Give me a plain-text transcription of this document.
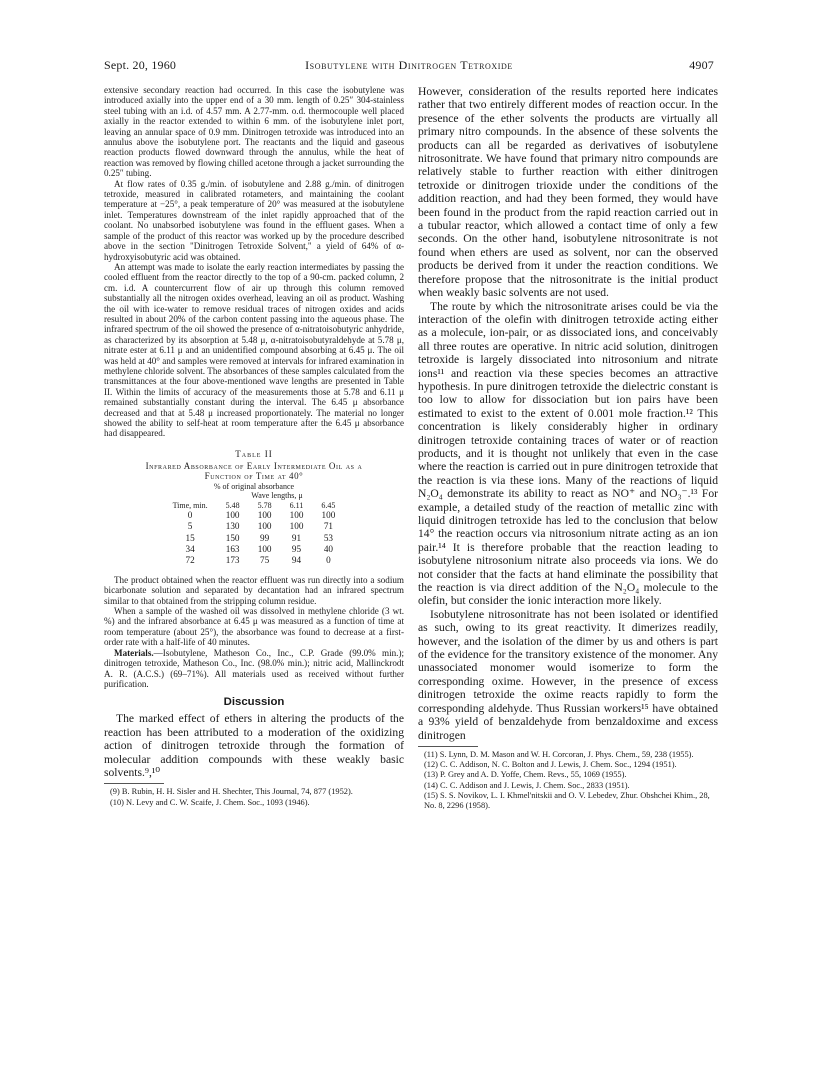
Sept. 20, 1960	Isobutylene with Dinitrogen Tetroxide	4907

extensive secondary reaction had occurred. In this case the isobutylene was introduced axially into the upper end of a 30 mm. length of 0.25″ 304-stainless steel tubing with an i.d. of 4.57 mm. A 2.77-mm. o.d. thermocouple well placed axially in the reactor extended to within 6 mm. of the isobutylene inlet port, leaving an annular space of 0.9 mm. Dinitrogen tetroxide was introduced into an annulus above the isobutylene port. The reactants and the liquid and gaseous reaction products flowed downward through the annulus, while the heat of reaction was removed by flowing chilled acetone through a jacket surrounding the 0.25″ tubing.

At flow rates of 0.35 g./min. of isobutylene and 2.88 g./min. of dinitrogen tetroxide, measured in calibrated rotameters, and maintaining the coolant temperature at −25°, a peak temperature of 20° was measured at the isobutylene inlet. Temperatures downstream of the inlet rapidly approached that of the coolant. No unabsorbed isobutylene was found in the effluent gases. When a sample of the product of this reactor was worked up by the procedure described above in the section "Dinitrogen Tetroxide Solvent," a yield of 64% of α-hydroxyisobutyric acid was obtained.

An attempt was made to isolate the early reaction intermediates by passing the cooled effluent from the reactor directly to the top of a 90-cm. packed column, 2 cm. i.d. A countercurrent flow of air up through this column removed substantially all the nitrogen oxides overhead, leaving an oil as product. Washing the oil with ice-water to remove residual traces of nitrogen oxides and acids resulted in about 20% of the carbon content passing into the aqueous phase. The infrared spectrum of the oil showed the presence of α-nitratoisobutyric anhydride, as characterized by its absorption at 5.48 μ, α-nitratoisobutyraldehyde at 5.78 μ, nitrate ester at 6.11 μ and an unidentified compound absorbing at 6.45 μ. The oil was held at 40° and samples were removed at intervals for infrared examination in methylene chloride solvent. The absorbances of these samples calculated from the transmittances at the four above-mentioned wave lengths are presented in Table II. Within the limits of accuracy of the measurements those at 5.78 and 6.11 μ remained substantially constant during the interval. The 6.45 μ absorbance decreased and that at 5.48 μ increased proportionately. The material no longer showed the ability to self-heat at room temperature after the 6.45 μ absorbance had disappeared.

Table II

Infrared Absorbance of Early Intermediate Oil as a

Function of Time at 40°

% of original absorbance

Wave lengths, μ

Time, min.	5.48	5.78	6.11	6.45
0	100	100	100	100
5	130	100	100	71
15	150	99	91	53
34	163	100	95	40
72	173	75	94	0

The product obtained when the reactor effluent was run directly into a sodium bicarbonate solution and separated by decantation had an infrared spectrum similar to that obtained from the stripping column residue.

When a sample of the washed oil was dissolved in methylene chloride (3 wt. %) and the infrared absorbance at 6.45 μ was measured as a function of time at room temperature (about 25°), the absorbance was found to decrease at a first-order rate with a half-life of 40 minutes.

Materials.—Isobutylene, Matheson Co., Inc., C.P. Grade (99.0% min.); dinitrogen tetroxide, Matheson Co., Inc. (98.0% min.); nitric acid, Mallinckrodt A. R. (A.C.S.) (69–71%). All materials used as received without further purification.

Discussion

The marked effect of ethers in altering the products of the reaction has been attributed to a moderation of the oxidizing action of dinitrogen tetroxide through the formation of molecular addition compounds with these weakly basic solvents.⁹,¹⁰

(9) B. Rubin, H. H. Sisler and H. Shechter, This Journal, 74, 877 (1952).

(10) N. Levy and C. W. Scaife, J. Chem. Soc., 1093 (1946).

However, consideration of the results reported here indicates rather that two entirely different modes of reaction occur. In the presence of the ether solvents the products are virtually all primary nitro compounds. In the absence of these solvents the products can all be regarded as derivatives of isobutylene nitrosonitrate. We have found that primary nitro compounds are relatively stable to further reaction with either dinitrogen tetroxide or dinitrogen trioxide under the conditions of the addition reaction, and had they been formed, they would have been found in the product from the rapid reaction carried out in a tubular reactor, which allowed a contact time of only a few seconds. On the other hand, isobutylene nitrosonitrate is not found when ethers are used as solvent, nor can the observed products be derived from it under the reaction conditions. We therefore propose that the nitrosonitrate is the initial product when weakly basic solvents are not used.

The route by which the nitrosonitrate arises could be via the interaction of the olefin with dinitrogen tetroxide acting either as a molecule, ion-pair, or as dissociated ions, and conceivably all three routes are operative. In nitric acid solution, dinitrogen tetroxide is largely dissociated into nitrosonium and nitrate ions¹¹ and reaction via these species becomes an attractive hypothesis. In pure dinitrogen tetroxide the dielectric constant is too low to allow for dissociation but ion pairs have been estimated to exist to the extent of 0.001 mole fraction.¹² This concentration is likely considerably higher in ordinary dinitrogen tetroxide containing traces of water or of reaction products, and it is thought not unlikely that even in the case where the reaction is carried out in pure dinitrogen tetroxide that the reaction is via these ions. Many of the reactions of liquid N₂O₄ demonstrate its ability to react as NO⁺ and NO₃⁻.¹³ For example, a detailed study of the reaction of metallic zinc with liquid dinitrogen tetroxide has led to the conclusion that below 14° the reaction occurs via nitrosonium nitrate acting as an ion pair.¹⁴ It is therefore probable that the reaction leading to isobutylene nitrosonium nitrate also proceeds via ions. We do not consider that the facts at hand eliminate the possibility that the reaction is via direct addition of the N₂O₄ molecule to the olefin, but consider the ionic interaction more likely.

Isobutylene nitrosonitrate has not been isolated or identified as such, owing to its great reactivity. It dimerizes readily, however, and the isolation of the dimer by us and others is part of the evidence for the transitory existence of the monomer. Any unassociated monomer would isomerize to form the corresponding oxime. However, in the presence of excess dinitrogen tetroxide the oxime reacts rapidly to form the corresponding aldehyde. Thus Russian workers¹⁵ have obtained a 93% yield of benzaldehyde from benzaldoxime and excess dinitrogen

(11) S. Lynn, D. M. Mason and W. H. Corcoran, J. Phys. Chem., 59, 238 (1955).

(12) C. C. Addison, N. C. Bolton and J. Lewis, J. Chem. Soc., 1294 (1951).

(13) P. Grey and A. D. Yoffe, Chem. Revs., 55, 1069 (1955).

(14) C. C. Addison and J. Lewis, J. Chem. Soc., 2833 (1951).

(15) S. S. Novikov, L. I. Khmel'nitskii and O. V. Lebedev, Zhur. Obshchei Khim., 28, No. 8, 2296 (1958).
